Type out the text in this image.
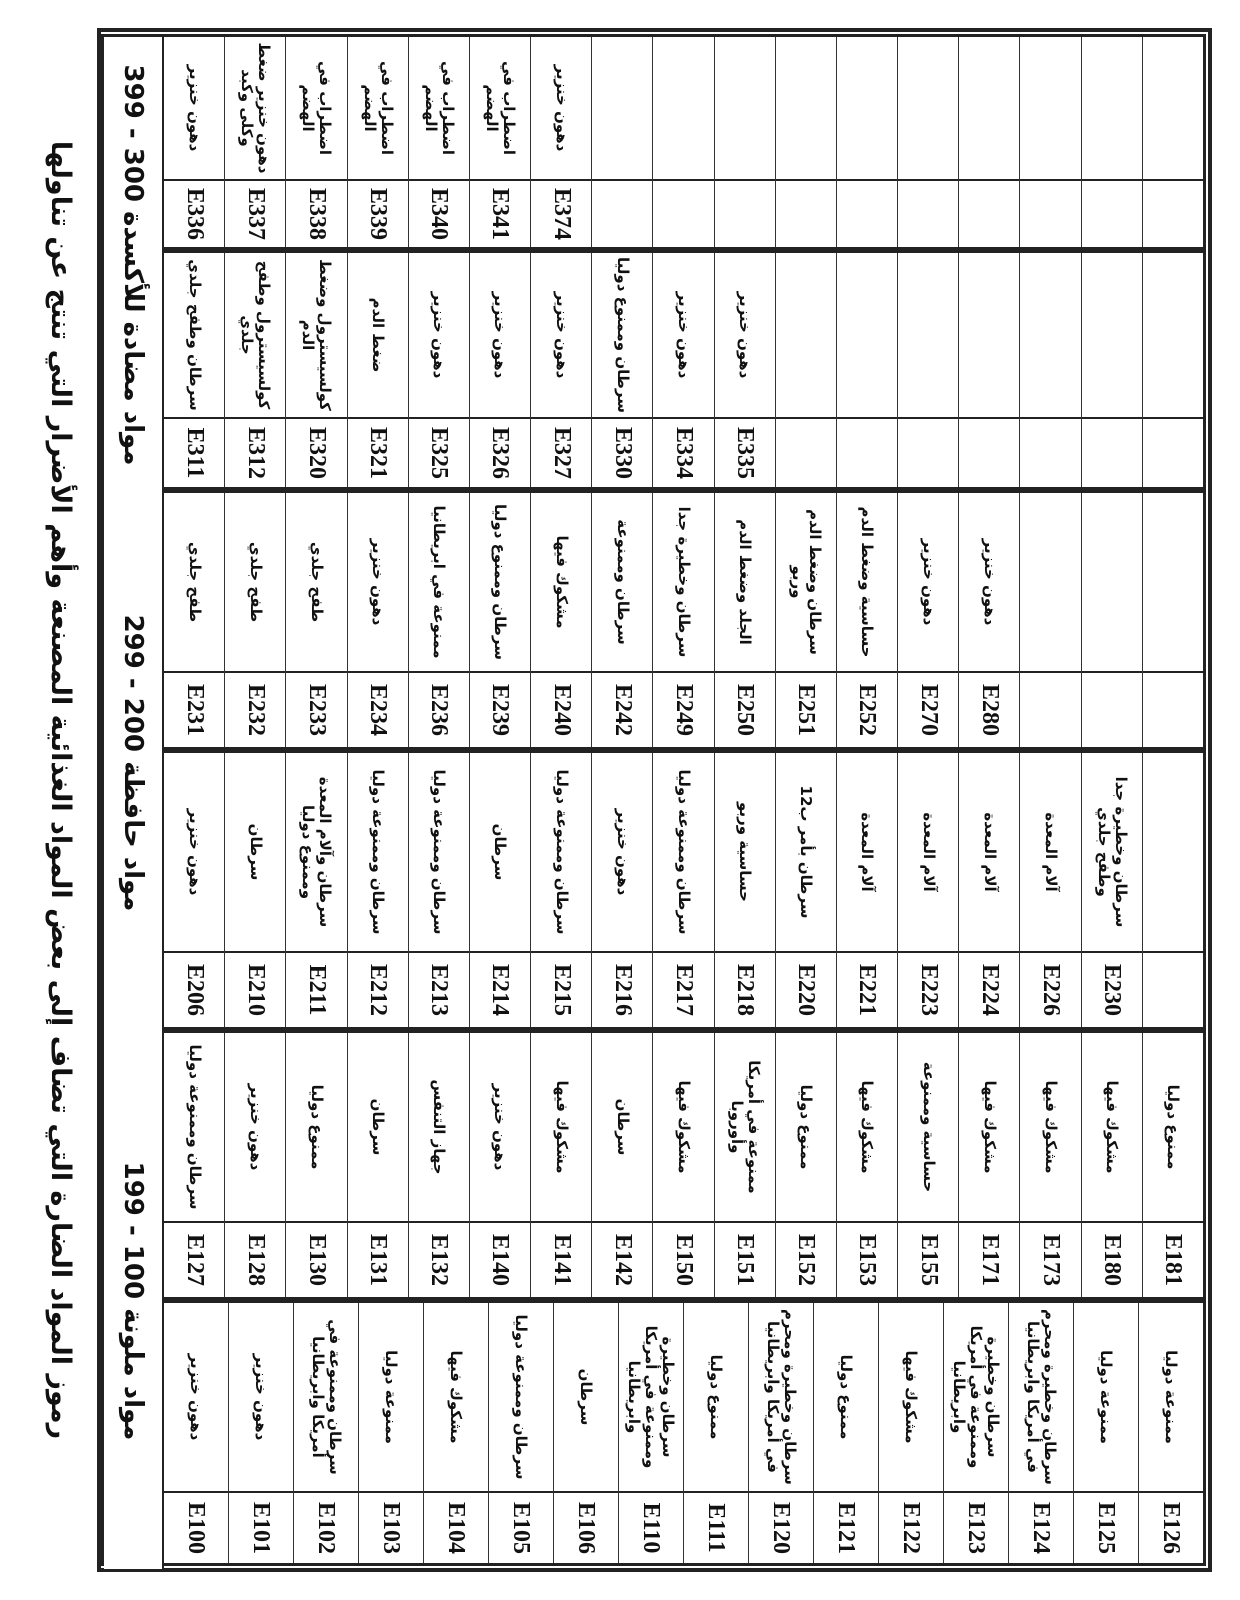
رموز المواد الضارة التي تضاف إلى بعض المواد الغذائية المصنعة وأهم الأضرار التي تنتج عن تناولها	دهون خنزير
E100
دهون خنزير
E101
سرطان وممنوعة في أمريكا وابريطانيا
E102
ممنوعة دوليا
E103
مشكوك فيها
E104
سرطان وممنوعة دوليا
E105
سرطان
E106
سرطان وخطيرة وممنوعة في أمريكا وابريطانيا
E110
ممنوع دوليا
E111
سرطان وخطيرة ومحرم في أمريكا وابريطانيا
E120
ممنوع دوليا
E121
مشكوك فيها
E122
سرطان وخطيرة وممنوعة في أمريكا وابريطانيا
E123
سرطان وخطيرة ومحرم في أمريكا وابريطانيا
E124
ممنوعة دوليا
E125
ممنوعة دوليا
E126
مواد ملونة 100 - 199
سرطان وممنوعة دوليا
E127
دهون خنزير
E128
ممنوع دوليا
E130
سرطان
E131
جهاز التنفس
E132
دهون خنزير
E140
مشكوك فيها
E141
سرطان
E142
مشكوك فيها
E150
ممنوعة في أمريكا وأوروبا
E151
ممنوع دوليا
E152
مشكوك فيها
E153
حساسية وممنوعة
E155
مشكوك فيها
E171
مشكوك فيها
E173
مشكوك فيها
E180
ممنوع دوليا
E181
دهون خنزير
E206
سرطان
E210
سرطان وآلام المعدة وممنوع دوليا
E211
سرطان وممنوعة دوليا
E212
سرطان وممنوعة دوليا
E213
سرطان
E214
سرطان وممنوعة دوليا
E215
دهون خنزير
E216
سرطان وممنوعة دوليا
E217
حساسية وربو
E218
سرطان بأمر ب12
E220
آلام المعدة
E221
آلام المعدة
E223
آلام المعدة
E224
آلام المعدة
E226
سرطان وخطيرة جدا وطفح جلدي
E230
مواد حافظة 200 - 299
طفح جلدي
E231
طفح جلدي
E232
طفح جلدي
E233
دهون خنزير
E234
ممنوعة في ابريطانيا
E236
سرطان وممنوع دوليا
E239
مشكوك فيها
E240
سرطان وممنوعة
E242
سرطان وخطيرة جدا
E249
الجلد وضغط الدم
E250
سرطان وضغط الدم وربو
E251
حساسية وضغط الدم
E252
دهون خنزير
E270
دهون خنزير
E280
سرطان وطفح جلدي
E311
كولسيسترول وطفح جلدي
E312
كولسيسترول وضغط الدم
E320
ضغط الدم
E321
دهون خنزير
E325
دهون خنزير
E326
دهون خنزير
E327
سرطان وممنوع دوليا
E330
دهون خنزير
E334
دهون خنزير
E335
مواد مضادة للأكسدة 300 - 399
دهون خنزير
E336
دهون خنزير ضغط وكلى وكبد
E337
اضطراب في الهضم
E338
اضطراب في الهضم
E339
اضطراب في الهضم
E340
اضطراب في الهضم
E341
دهون خنزير
E374
